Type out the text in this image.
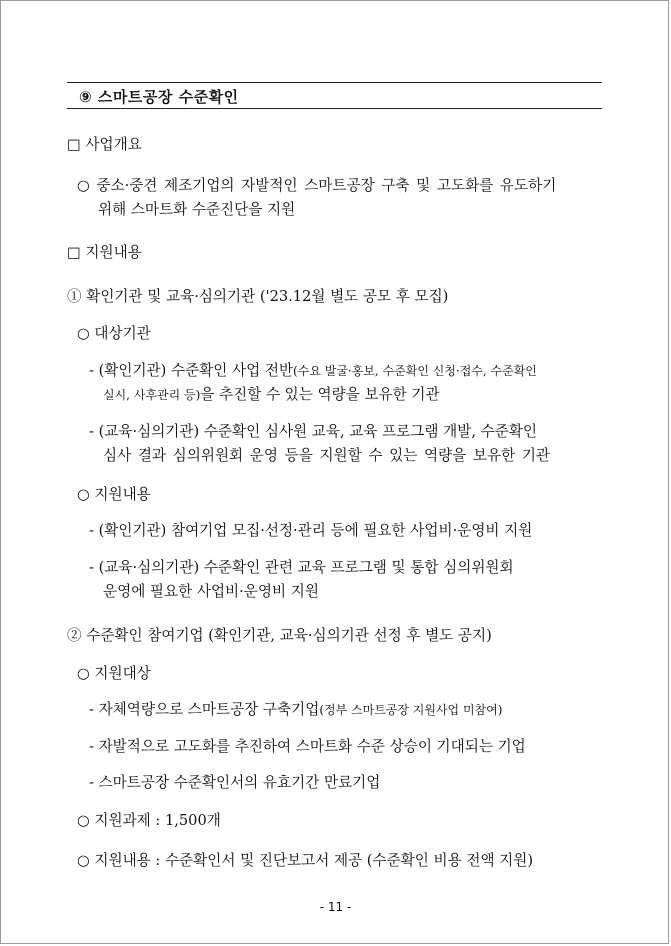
⑨ 스마트공장 수준확인
□ 사업개요
○ 중소·중견 제조기업의 자발적인 스마트공장 구축 및 고도화를 유도하기
위해 스마트화 수준진단을 지원
□ 지원내용
① 확인기관 및 교육·심의기관 ('23.12월 별도 공모 후 모집)
○ 대상기관
- (확인기관) 수준확인 사업 전반(수요 발굴·홍보, 수준확인 신청·접수, 수준확인
실시, 사후관리 등)을 추진할 수 있는 역량을 보유한 기관
- (교육·심의기관) 수준확인 심사원 교육, 교육 프로그램 개발, 수준확인
심사 결과 심의위원회 운영 등을 지원할 수 있는 역량을 보유한 기관
○ 지원내용
- (확인기관) 참여기업 모집·선정·관리 등에 필요한 사업비·운영비 지원
- (교육·심의기관) 수준확인 관련 교육 프로그램 및 통합 심의위원회
운영에 필요한 사업비·운영비 지원
② 수준확인 참여기업 (확인기관, 교육·심의기관 선정 후 별도 공지)
○ 지원대상
- 자체역량으로 스마트공장 구축기업(정부 스마트공장 지원사업 미참여)
- 자발적으로 고도화를 추진하여 스마트화 수준 상승이 기대되는 기업
- 스마트공장 수준확인서의 유효기간 만료기업
○ 지원과제 : 1,500개
○ 지원내용 : 수준확인서 및 진단보고서 제공 (수준확인 비용 전액 지원)
- 11 -
